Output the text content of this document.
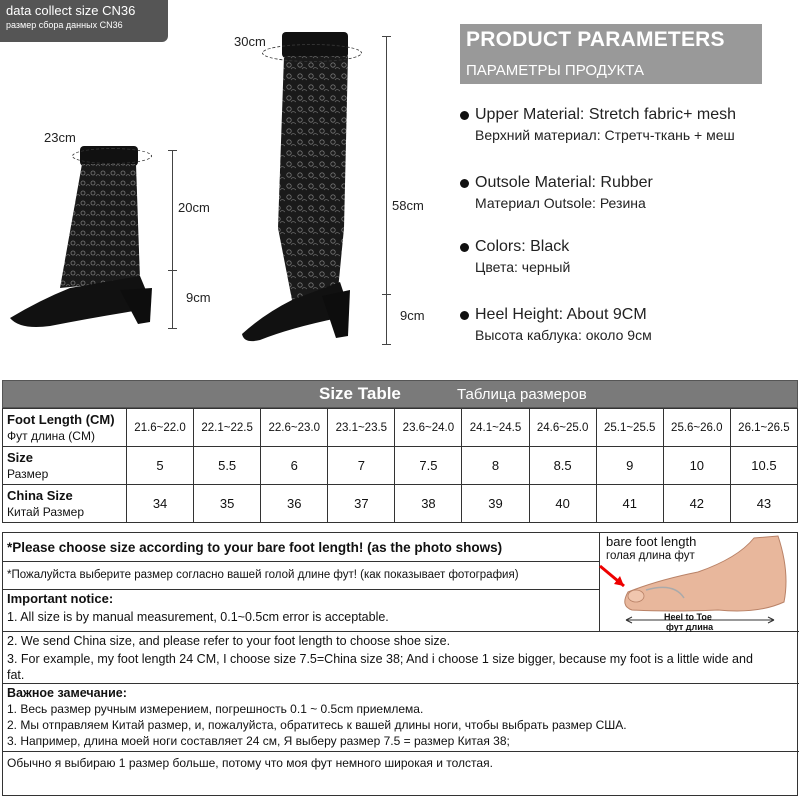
data collect size CN36
размер сбора данных CN36
23cm
20cm
9cm
30cm
58cm
9cm
PRODUCT PARAMETERS
ПАРАМЕТРЫ ПРОДУКТА
Upper Material: Stretch fabric+ mesh
Верхний материал: Стретч-ткань + меш
Outsole Material: Rubber
Материал Outsole: Резина
Colors: Black
Цвета: черный
Heel Height: About 9CM
Высота каблука: около 9см
Size Table	Таблица размеров
Foot Length (CM)
Фут длина (CM)	21.6~22.0	22.1~22.5	22.6~23.0	23.1~23.5	23.6~24.0	24.1~24.5	24.6~25.0	25.1~25.5	25.6~26.0	26.1~26.5
Size
Размер	5	5.5	6	7	7.5	8	8.5	9	10	10.5
China Size
Китай Размер	34	35	36	37	38	39	40	41	42	43
*Please choose size according to your bare foot length! (as the photo shows)
*Пожалуйста выберите размер согласно вашей голой длине фут! (как показывает фотография)
Important notice:
1. All size is by manual measurement, 0.1~0.5cm error is acceptable.
2. We send China size, and please refer to your foot length to choose shoe size.
3. For example, my foot length 24 CM, I choose size 7.5=China size 38; And i choose 1 size bigger, because my foot is a little wide and
fat.
Важное замечание:
1. Весь размер ручным измерением, погрешность 0.1 ~ 0.5cm приемлема.
2. Мы отправляем Китай размер, и, пожалуйста, обратитесь к вашей длины ноги, чтобы выбрать размер США.
3. Например, длина моей ноги составляет 24 см, Я выберу размер 7.5 = размер Китая 38;
Обычно я выбираю 1 размер больше, потому что моя фут немного широкая и толстая.
bare foot length
голая длина фут
Heel to Toe
фут длина
